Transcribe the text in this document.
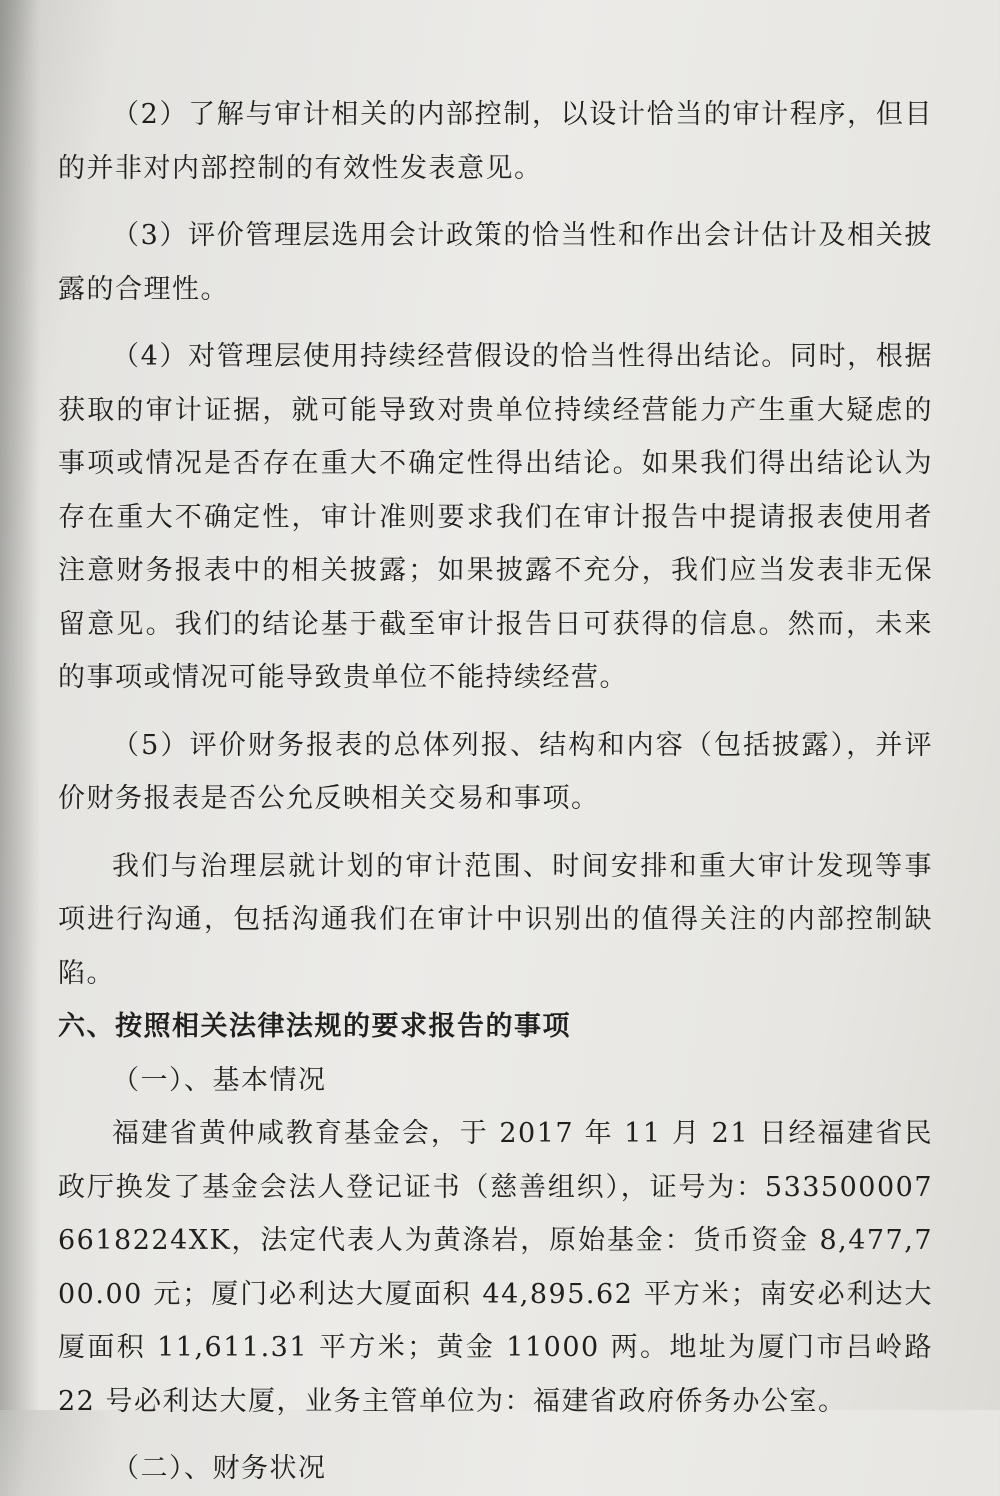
（2）了解与审计相关的内部控制，以设计恰当的审计程序，但目的并非对内部控制的有效性发表意见。

（3）评价管理层选用会计政策的恰当性和作出会计估计及相关披露的合理性。

（4）对管理层使用持续经营假设的恰当性得出结论。同时，根据获取的审计证据，就可能导致对贵单位持续经营能力产生重大疑虑的事项或情况是否存在重大不确定性得出结论。如果我们得出结论认为存在重大不确定性，审计准则要求我们在审计报告中提请报表使用者注意财务报表中的相关披露；如果披露不充分，我们应当发表非无保留意见。我们的结论基于截至审计报告日可获得的信息。然而，未来的事项或情况可能导致贵单位不能持续经营。

（5）评价财务报表的总体列报、结构和内容（包括披露），并评价财务报表是否公允反映相关交易和事项。

我们与治理层就计划的审计范围、时间安排和重大审计发现等事项进行沟通，包括沟通我们在审计中识别出的值得关注的内部控制缺陷。

六、按照相关法律法规的要求报告的事项

（一）、基本情况

福建省黄仲咸教育基金会，于 2017 年 11 月 21 日经福建省民政厅换发了基金会法人登记证书（慈善组织），证号为：5335000076618224XK，法定代表人为黄涤岩，原始基金：货币资金 8,477,700.00 元；厦门必利达大厦面积 44,895.62 平方米；南安必利达大厦面积 11,611.31 平方米；黄金 11000 两。地址为厦门市吕岭路 22 号必利达大厦，业务主管单位为：福建省政府侨务办公室。

（二）、财务状况
